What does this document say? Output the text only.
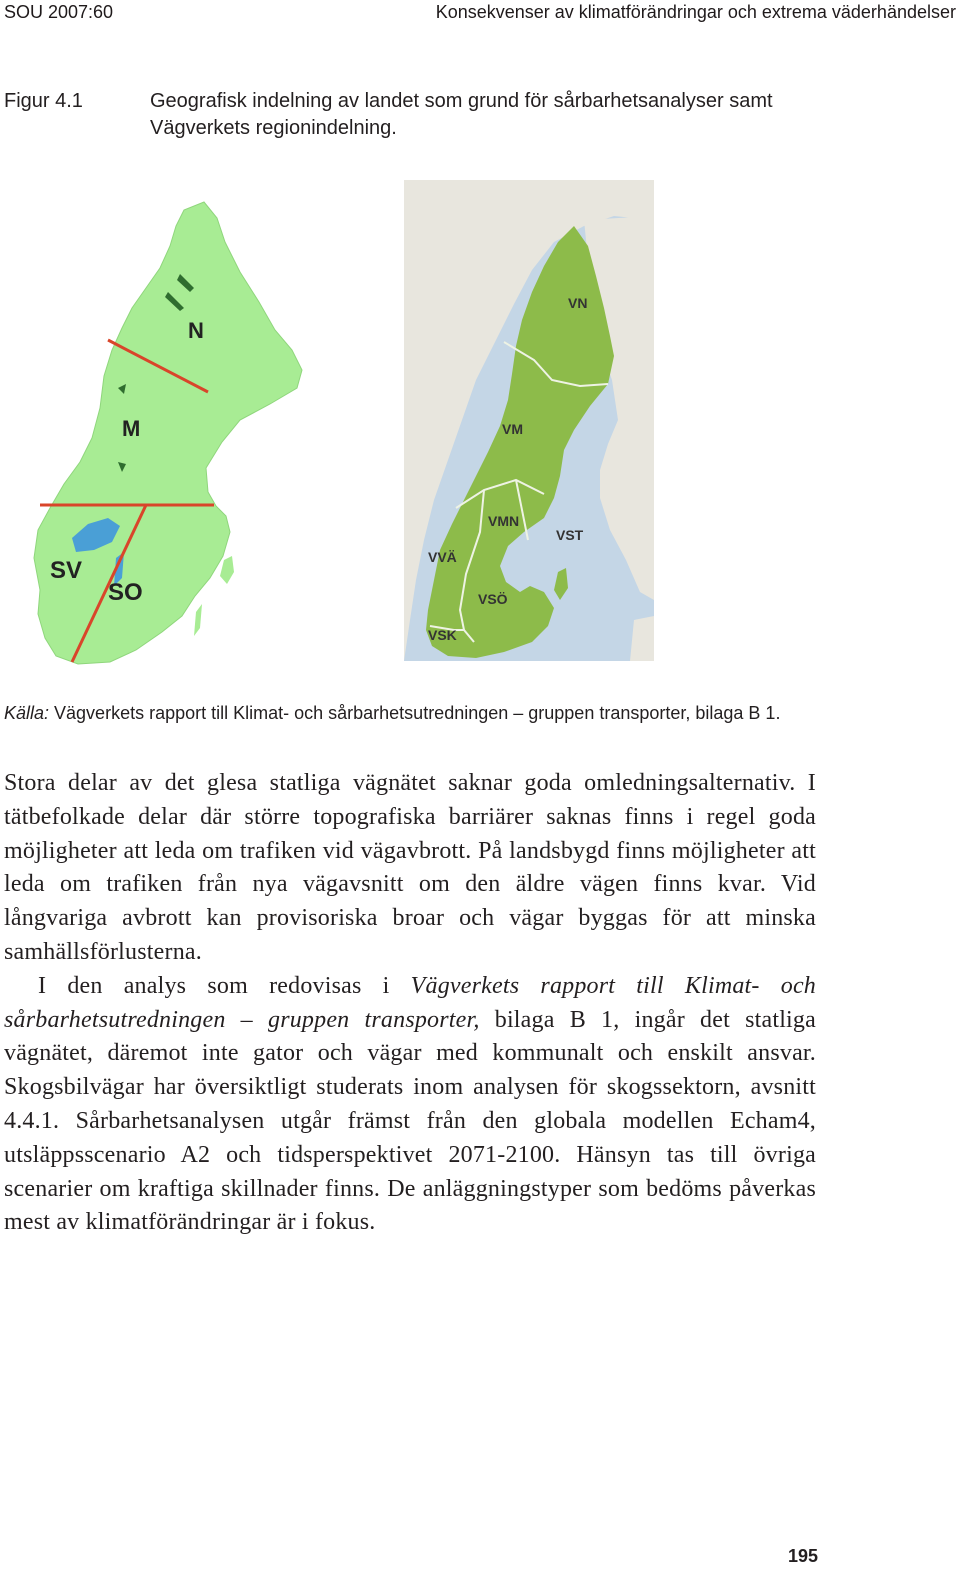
SOU 2007:60	Konsekvenser av klimatförändringar och extrema väderhändelser
Figur 4.1	Geografisk indelning av landet som grund för sårbarhetsanalyser samt Vägverkets regionindelning.
N
M
SV
SO
VN
VM
VMN
VST
VVÄ
VSÖ
VSK
Källa: Vägverkets rapport till Klimat- och sårbarhetsutredningen – gruppen transporter, bilaga B 1.

Stora delar av det glesa statliga vägnätet saknar goda omledningsalternativ. I tätbefolkade delar där större topografiska barriärer saknas finns i regel goda möjligheter att leda om trafiken vid vägavbrott. På landsbygd finns möjligheter att leda om trafiken från nya vägavsnitt om den äldre vägen finns kvar. Vid långvariga avbrott kan provisoriska broar och vägar byggas för att minska samhällsförlusterna.

I den analys som redovisas i Vägverkets rapport till Klimat- och sårbarhetsutredningen – gruppen transporter, bilaga B 1, ingår det statliga vägnätet, däremot inte gator och vägar med kommunalt och enskilt ansvar. Skogsbilvägar har översiktligt studerats inom analysen för skogssektorn, avsnitt 4.4.1. Sårbarhetsanalysen utgår främst från den globala modellen Echam4, utsläppsscenario A2 och tidsperspektivet 2071-2100. Hänsyn tas till övriga scenarier om kraftiga skillnader finns. De anläggningstyper som bedöms påverkas mest av klimatförändringar är i fokus.

195
